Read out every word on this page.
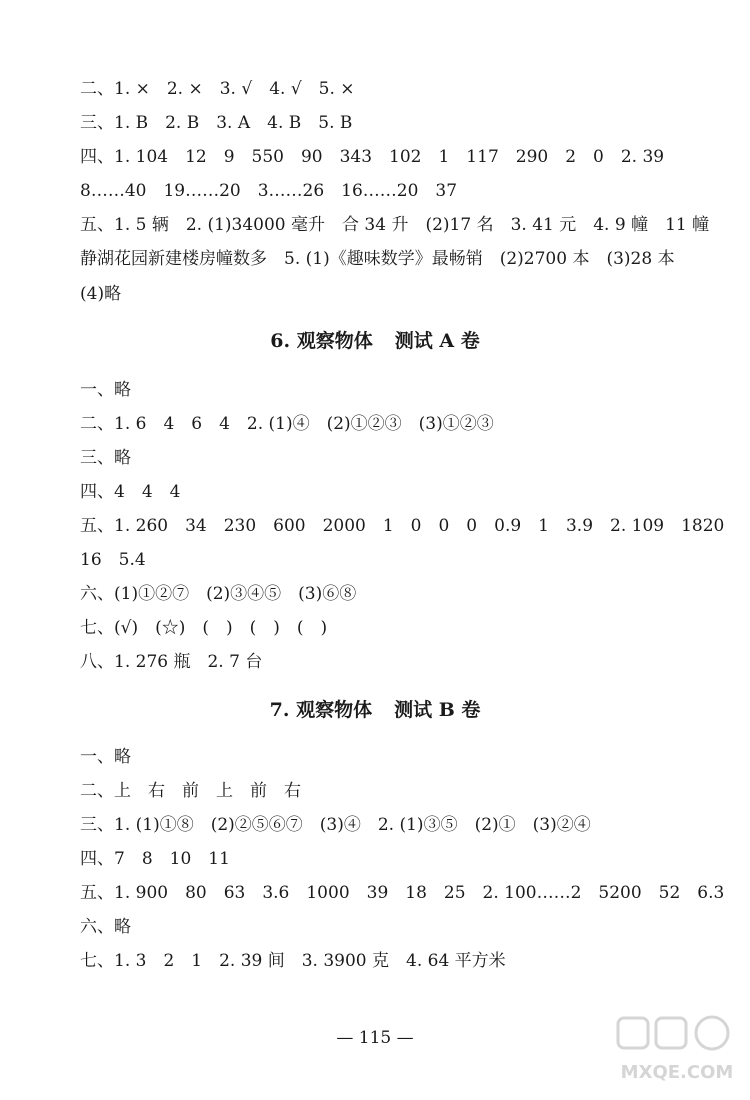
二、1. ×　2. ×　3. √　4. √　5. ×
三、1. B　2. B　3. A　4. B　5. B
四、1. 104　12　9　550　90　343　102　1　117　290　2　0　2. 39
8……40　19……20　3……26　16……20　37
五、1. 5 辆　2. (1)34000 毫升　合 34 升　(2)17 名　3. 41 元　4. 9 幢　11 幢
静湖花园新建楼房幢数多　5. (1)《趣味数学》最畅销　(2)2700 本　(3)28 本
(4)略
6. 观察物体 测试 A 卷
一、略
二、1. 6　4　6　4　2. (1)④　(2)①②③　(3)①②③
三、略
四、4　4　4
五、1. 260　34　230　600　2000　1　0　0　0　0.9　1　3.9　2. 109　1820
16　5.4
六、(1)①②⑦　(2)③④⑤　(3)⑥⑧
七、(√)　(☆)　(　)　(　)　(　)
八、1. 276 瓶　2. 7 台
7. 观察物体 测试 B 卷
一、略
二、上　右　前　上　前　右
三、1. (1)①⑧　(2)②⑤⑥⑦　(3)④　2. (1)③⑤　(2)①　(3)②④
四、7　8　10　11
五、1. 900　80　63　3.6　1000　39　18　25　2. 100……2　5200　52　6.3
六、略
七、1. 3　2　1　2. 39 间　3. 3900 克　4. 64 平方米
— 115 —
MXQE.COM
